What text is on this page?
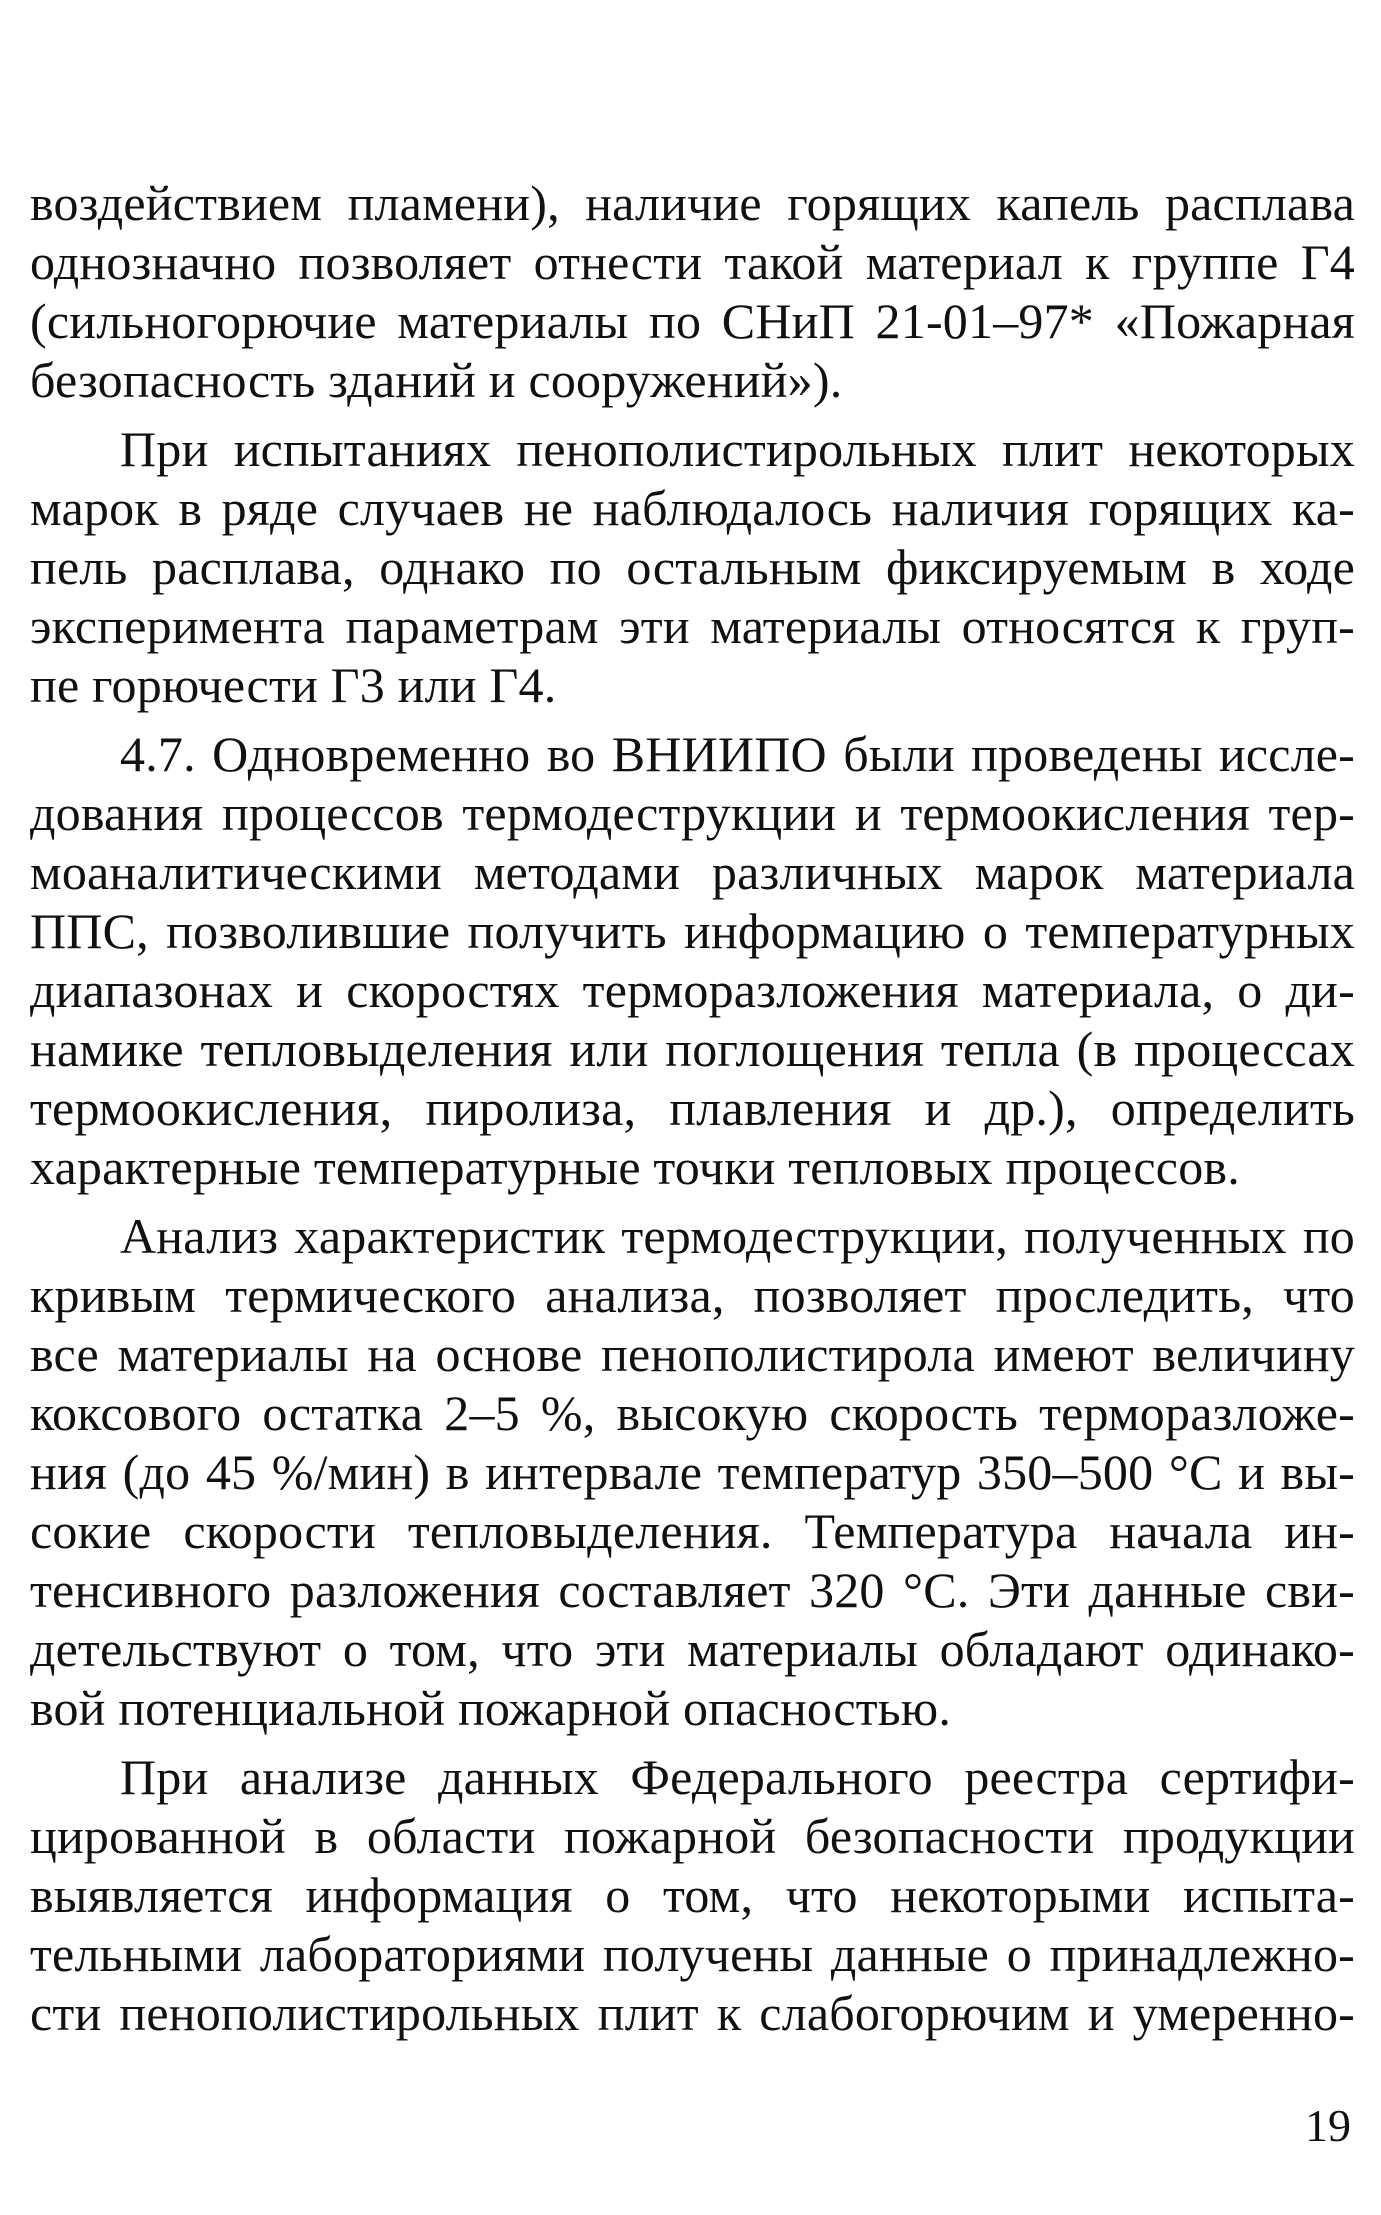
воздействием пламени), наличие горящих капель расплава
однозначно позволяет отнести такой материал к группе Г4
(сильногорючие материалы по СНиП 21-01–97* «Пожарная
безопасность зданий и сооружений»).
При испытаниях пенополистирольных плит некоторых
марок в ряде случаев не наблюдалось наличия горящих ка-
пель расплава, однако по остальным фиксируемым в ходе
эксперимента параметрам эти материалы относятся к груп-
пе горючести Г3 или Г4.
4.7. Одновременно во ВНИИПО были проведены иссле-
дования процессов термодеструкции и термоокисления тер-
моаналитическими методами различных марок материала
ППС, позволившие получить информацию о температурных
диапазонах и скоростях терморазложения материала, о ди-
намике тепловыделения или поглощения тепла (в процессах
термоокисления, пиролиза, плавления и др.), определить
характерные температурные точки тепловых процессов.
Анализ характеристик термодеструкции, полученных по
кривым термического анализа, позволяет проследить, что
все материалы на основе пенополистирола имеют величину
коксового остатка 2–5 %, высокую скорость терморазложе-
ния (до 45 %/мин) в интервале температур 350–500 °С и вы-
сокие скорости тепловыделения. Температура начала ин-
тенсивного разложения составляет 320 °С. Эти данные сви-
детельствуют о том, что эти материалы обладают одинако-
вой потенциальной пожарной опасностью.
При анализе данных Федерального реестра сертифи-
цированной в области пожарной безопасности продукции
выявляется информация о том, что некоторыми испыта-
тельными лабораториями получены данные о принадлежно-
сти пенополистирольных плит к слабогорючим и умеренно-
19
